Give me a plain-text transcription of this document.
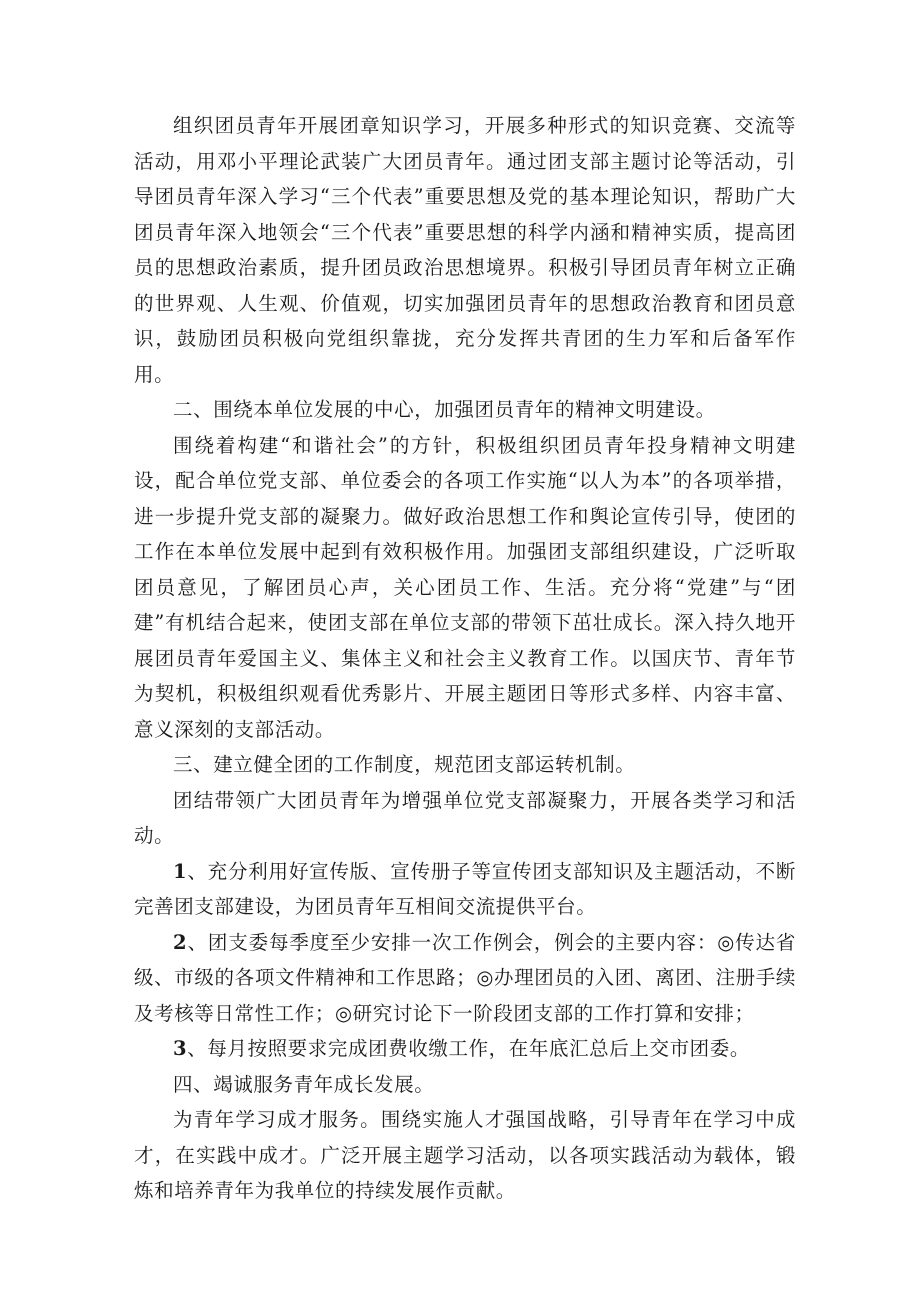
组织团员青年开展团章知识学习，开展多种形式的知识竞赛、交流等活动，用邓小平理论武装广大团员青年。通过团支部主题讨论等活动，引导团员青年深入学习“三个代表”重要思想及党的基本理论知识，帮助广大团员青年深入地领会“三个代表”重要思想的科学内涵和精神实质，提高团员的思想政治素质，提升团员政治思想境界。积极引导团员青年树立正确的世界观、人生观、价值观，切实加强团员青年的思想政治教育和团员意识，鼓励团员积极向党组织靠拢，充分发挥共青团的生力军和后备军作用。

二、围绕本单位发展的中心，加强团员青年的精神文明建设。

围绕着构建“和谐社会”的方针，积极组织团员青年投身精神文明建设，配合单位党支部、单位委会的各项工作实施“以人为本”的各项举措，进一步提升党支部的凝聚力。做好政治思想工作和舆论宣传引导，使团的工作在本单位发展中起到有效积极作用。加强团支部组织建设，广泛听取团员意见，了解团员心声，关心团员工作、生活。充分将“党建”与“团建”有机结合起来，使团支部在单位支部的带领下茁壮成长。深入持久地开展团员青年爱国主义、集体主义和社会主义教育工作。以国庆节、青年节为契机，积极组织观看优秀影片、开展主题团日等形式多样、内容丰富、意义深刻的支部活动。

三、建立健全团的工作制度，规范团支部运转机制。

团结带领广大团员青年为增强单位党支部凝聚力，开展各类学习和活动。

1、充分利用好宣传版、宣传册子等宣传团支部知识及主题活动，不断完善团支部建设，为团员青年互相间交流提供平台。

2、团支委每季度至少安排一次工作例会，例会的主要内容：◎传达省级、市级的各项文件精神和工作思路；◎办理团员的入团、离团、注册手续及考核等日常性工作；◎研究讨论下一阶段团支部的工作打算和安排；

3、每月按照要求完成团费收缴工作，在年底汇总后上交市团委。

四、竭诚服务青年成长发展。

为青年学习成才服务。围绕实施人才强国战略，引导青年在学习中成才，在实践中成才。广泛开展主题学习活动，以各项实践活动为载体，锻炼和培养青年为我单位的持续发展作贡献。
